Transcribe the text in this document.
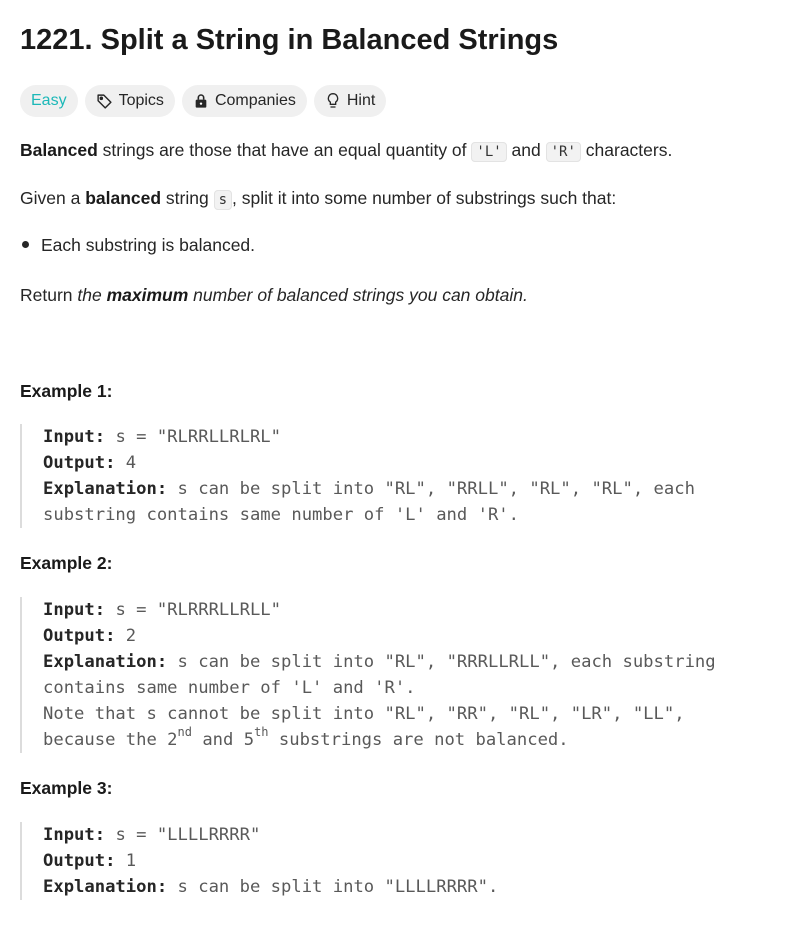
1221. Split a String in Balanced Strings
Easy	Topics	Companies	Hint
Balanced strings are those that have an equal quantity of 'L' and 'R' characters.
Given a balanced string s , split it into some number of substrings such that:
Each substring is balanced.
Return the maximum number of balanced strings you can obtain.
Example 1:
Input: s = "RLRRLLRLRL"
Output: 4
Explanation: s can be split into "RL", "RRLL", "RL", "RL", each
substring contains same number of 'L' and 'R'.
Example 2:
Input: s = "RLRRRLLRLL"
Output: 2
Explanation: s can be split into "RL", "RRRLLRLL", each substring
contains same number of 'L' and 'R'.
Note that s cannot be split into "RL", "RR", "RL", "LR", "LL",
because the 2nd and 5th substrings are not balanced.
Example 3:
Input: s = "LLLLRRRR"
Output: 1
Explanation: s can be split into "LLLLRRRR".
